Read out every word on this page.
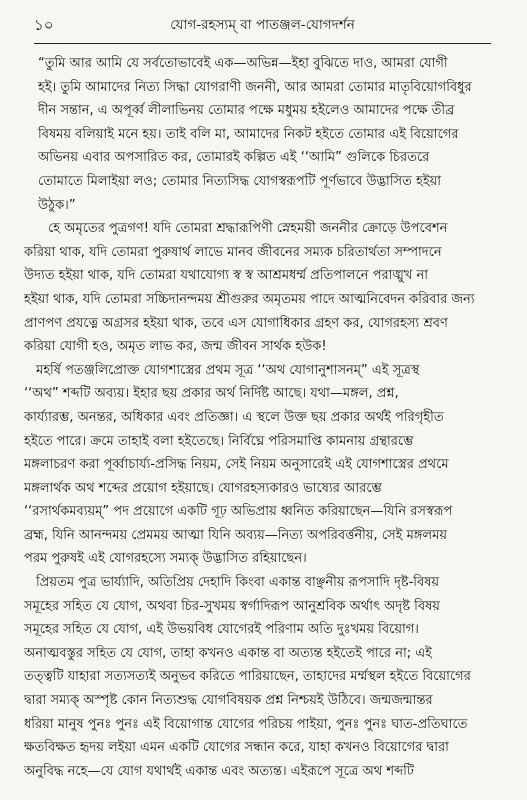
১০	যোগ-রহস্যম্‌ বা পাতঞ্জল-যোগদর্শন
“তুমি আর আমি যে সর্বতোভাবেই এক—অভিন্ন—ইহা বুঝিতে দাও, আমরা যোগী
হই। তুমি আমাদের নিত্য সিদ্ধা যোগরাণী জননী, আর আমরা তোমার মাতৃবিয়োগবিধুর
দীন সন্তান, এ অপূর্ব্ব লীলাভিনয় তোমার পক্ষে মধুময় হইলেও আমাদের পক্ষে তীব্র
বিষময় বলিয়াই মনে হয়। তাই বলি মা, আমাদের নিকট হইতে তোমার এই বিয়োগের
অভিনয় এবার অপসারিত কর, তোমারই কল্পিত এই ‘‘আমি” গুলিকে চিরতরে
তোমাতে মিলাইয়া লও; তোমার নিত্যসিদ্ধ যোগস্বরূপটি পূর্ণভাবে উদ্ভাসিত হইয়া
উঠুক।”
হে অমৃতের পুত্রগণ! যদি তোমরা শ্রদ্ধারূপিণী স্নেহময়ী জননীর ক্রোড়ে উপবেশন
করিয়া থাক, যদি তোমরা পুরুষার্থ লাভে মানব জীবনের সম্যক চরিতার্থতা সম্পাদনে
উদ্যত হইয়া থাক, যদি তোমরা যথাযোগ্য স্ব স্ব আশ্রমধর্ম্ম প্রতিপালনে পরাঙ্মুখ না
হইয়া থাক, যদি তোমরা সচ্চিদানন্দময় শ্রীগুরুর অমৃতময় পাদে আত্মনিবেদন করিবার জন্য
প্রাণপণ প্রযত্নে অগ্রসর হইয়া থাক, তবে এস যোগাধিকার গ্রহণ কর, যোগরহস্য শ্রবণ
করিয়া যোগী হও, অমৃত লাভ কর, জন্ম জীবন সার্থক হউক!
মহর্ষি পতঞ্জলিপ্রোক্ত যোগশাস্ত্রের প্রথম সূত্র ‘‘অথ যোগানুশাসনম্‌” এই সূত্রস্থ
‘‘অথ” শব্দটি অব্যয়। ইহার ছয় প্রকার অর্থ নির্দিষ্ট আছে। যথা—মঙ্গল, প্রশ্ন,
কার্য্যারম্ভ, অনন্তর, অধিকার এবং প্রতিজ্ঞা। এ স্থলে উক্ত ছয় প্রকার অর্থই পরিগৃহীত
হইতে পারে। ক্রমে তাহাই বলা হইতেছে। নির্বিঘ্নে পরিসমাপ্তি কামনায় গ্রন্থারম্ভে
মঙ্গলাচরণ করা পূর্ব্বাচার্য্য-প্রসিদ্ধ নিয়ম, সেই নিয়ম অনুসারেই এই যোগশাস্ত্রের প্রথমে
মঙ্গলার্থক অথ শব্দের প্রয়োগ হইয়াছে। যোগরহস্যকারও ভাষ্যের আরম্ভে
‘‘রসার্থকমব্যয়ম্‌” পদ প্রয়োগে একটি গূঢ় অভিপ্রায় ধ্বনিত করিয়াছেন—যিনি রসস্বরূপ
ব্রহ্ম, যিনি আনন্দময় প্রেমময় আত্মা যিনি অব্যয়—নিত্য অপরিবর্ত্তনীয়, সেই মঙ্গলময়
পরম পুরুষই এই যোগরহস্যে সম্যক্‌ উদ্ভাসিত রহিয়াছেন।
প্রিয়তম পুত্র ভার্য্যাদি, অতিপ্রিয় দেহাদি কিংবা একান্ত বাঞ্ছনীয় রূপসাদি দৃষ্ট-বিষয়
সমূহের সহিত যে যোগ, অথবা চির-সুখময় স্বর্গাদিরূপ আনুশ্রবিক অর্থাৎ অদৃষ্ট বিষয়
সমূহের সহিত যে যোগ, এই উভয়বিধ যোগেরই পরিণাম অতি দুঃখময় বিয়োগ।
অনাত্মবস্তুর সহিত যে যোগ, তাহা কখনও একান্ত বা অত্যন্ত হইতেই পারে না; এই
তত্ত্বটি যাহারা সত্যসত্যই অনুভব করিতে পারিয়াছেন, তাহাদের মর্ম্মস্থল হইতে বিয়োগের
দ্বারা সম্যক্‌ অস্পৃষ্ট কোন নিত্যশুদ্ধ যোগবিষয়ক প্রশ্ন নিশ্চয়ই উঠিবে। জন্মজন্মান্তর
ধরিয়া মানুষ পুনঃ পুনঃ এই বিয়োগান্ত যোগের পরিচয় পাইয়া, পুনঃ পুনঃ ঘাত-প্রতিঘাতে
ক্ষতবিক্ষত হৃদয় লইয়া এমন একটি যোগের সন্ধান করে, যাহা কখনও বিয়োগের দ্বারা
অনুবিদ্ধ নহে—যে যোগ যথার্থই একান্ত এবং অত্যন্ত। এইরূপে সূত্রে অথ শব্দটি
